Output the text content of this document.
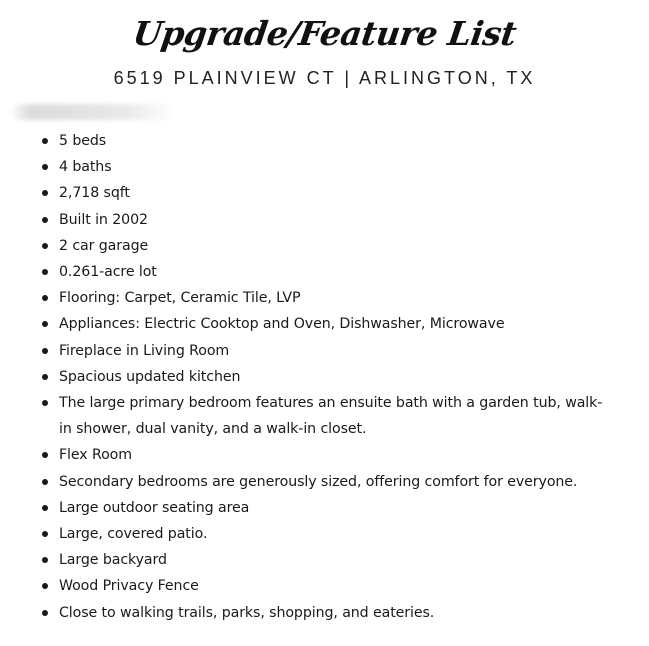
Upgrade/Feature List
6519 PLAINVIEW CT | ARLINGTON, TX
5 beds
4 baths
2,718 sqft
Built in 2002
2 car garage
0.261-acre lot
Flooring: Carpet, Ceramic Tile, LVP
Appliances: Electric Cooktop and Oven, Dishwasher, Microwave
Fireplace in Living Room
Spacious updated kitchen
The large primary bedroom features an ensuite bath with a garden tub, walk-in shower, dual vanity, and a walk-in closet.
Flex Room
Secondary bedrooms are generously sized, offering comfort for everyone.
Large outdoor seating area
Large, covered patio.
Large backyard
Wood Privacy Fence
Close to walking trails, parks, shopping, and eateries.
